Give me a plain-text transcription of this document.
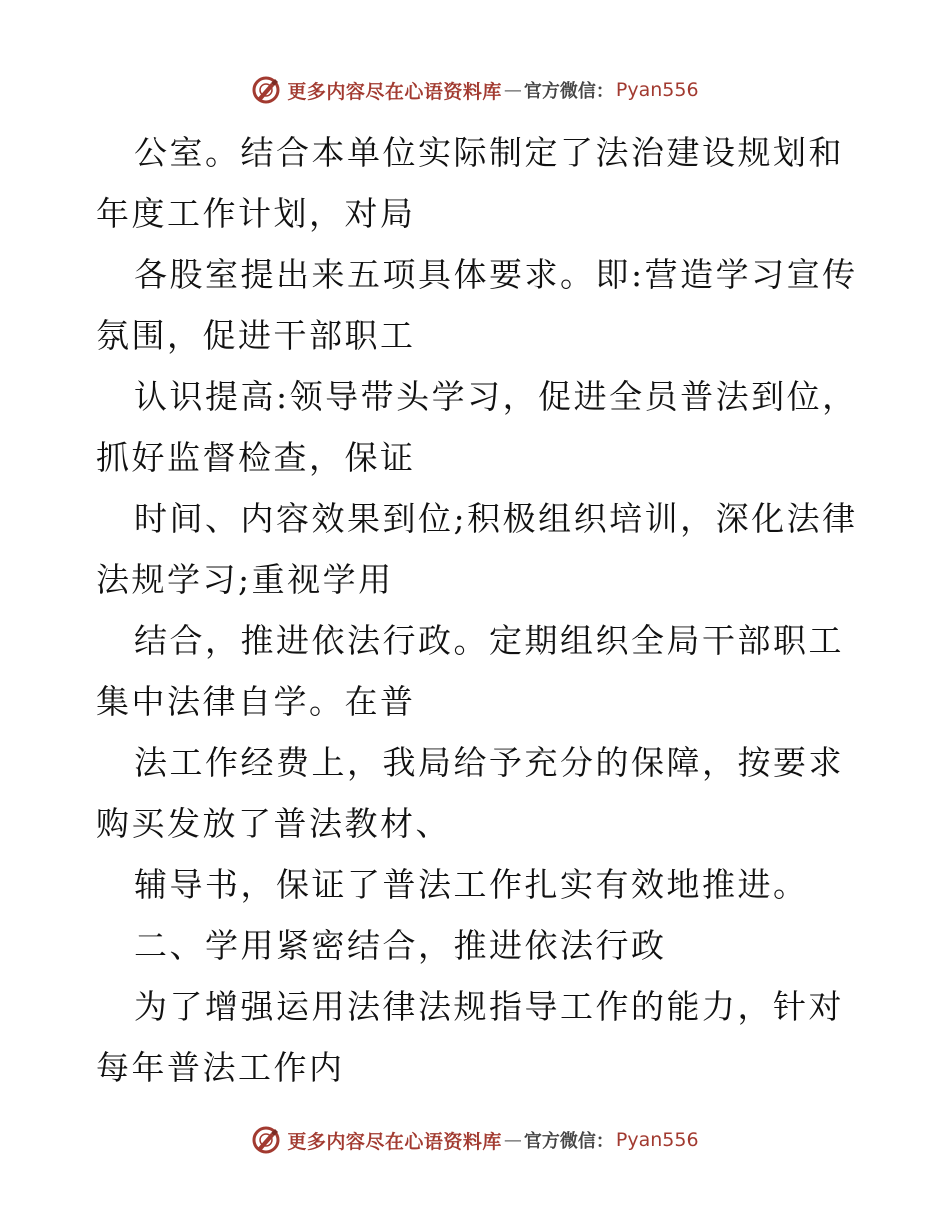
更多内容尽在心语资料库 — 官方微信： Pyan556

公室。结合本单位实际制定了法治建设规划和年度工作计划，对局

各股室提出来五项具体要求。即:营造学习宣传氛围，促进干部职工

认识提高:领导带头学习，促进全员普法到位，抓好监督检查，保证

时间、内容效果到位;积极组织培训，深化法律法规学习;重视学用

结合，推进依法行政。定期组织全局干部职工集中法律自学。在普

法工作经费上，我局给予充分的保障，按要求购买发放了普法教材、

辅导书，保证了普法工作扎实有效地推进。

二、学用紧密结合，推进依法行政

为了增强运用法律法规指导工作的能力，针对每年普法工作内

更多内容尽在心语资料库 — 官方微信： Pyan556
